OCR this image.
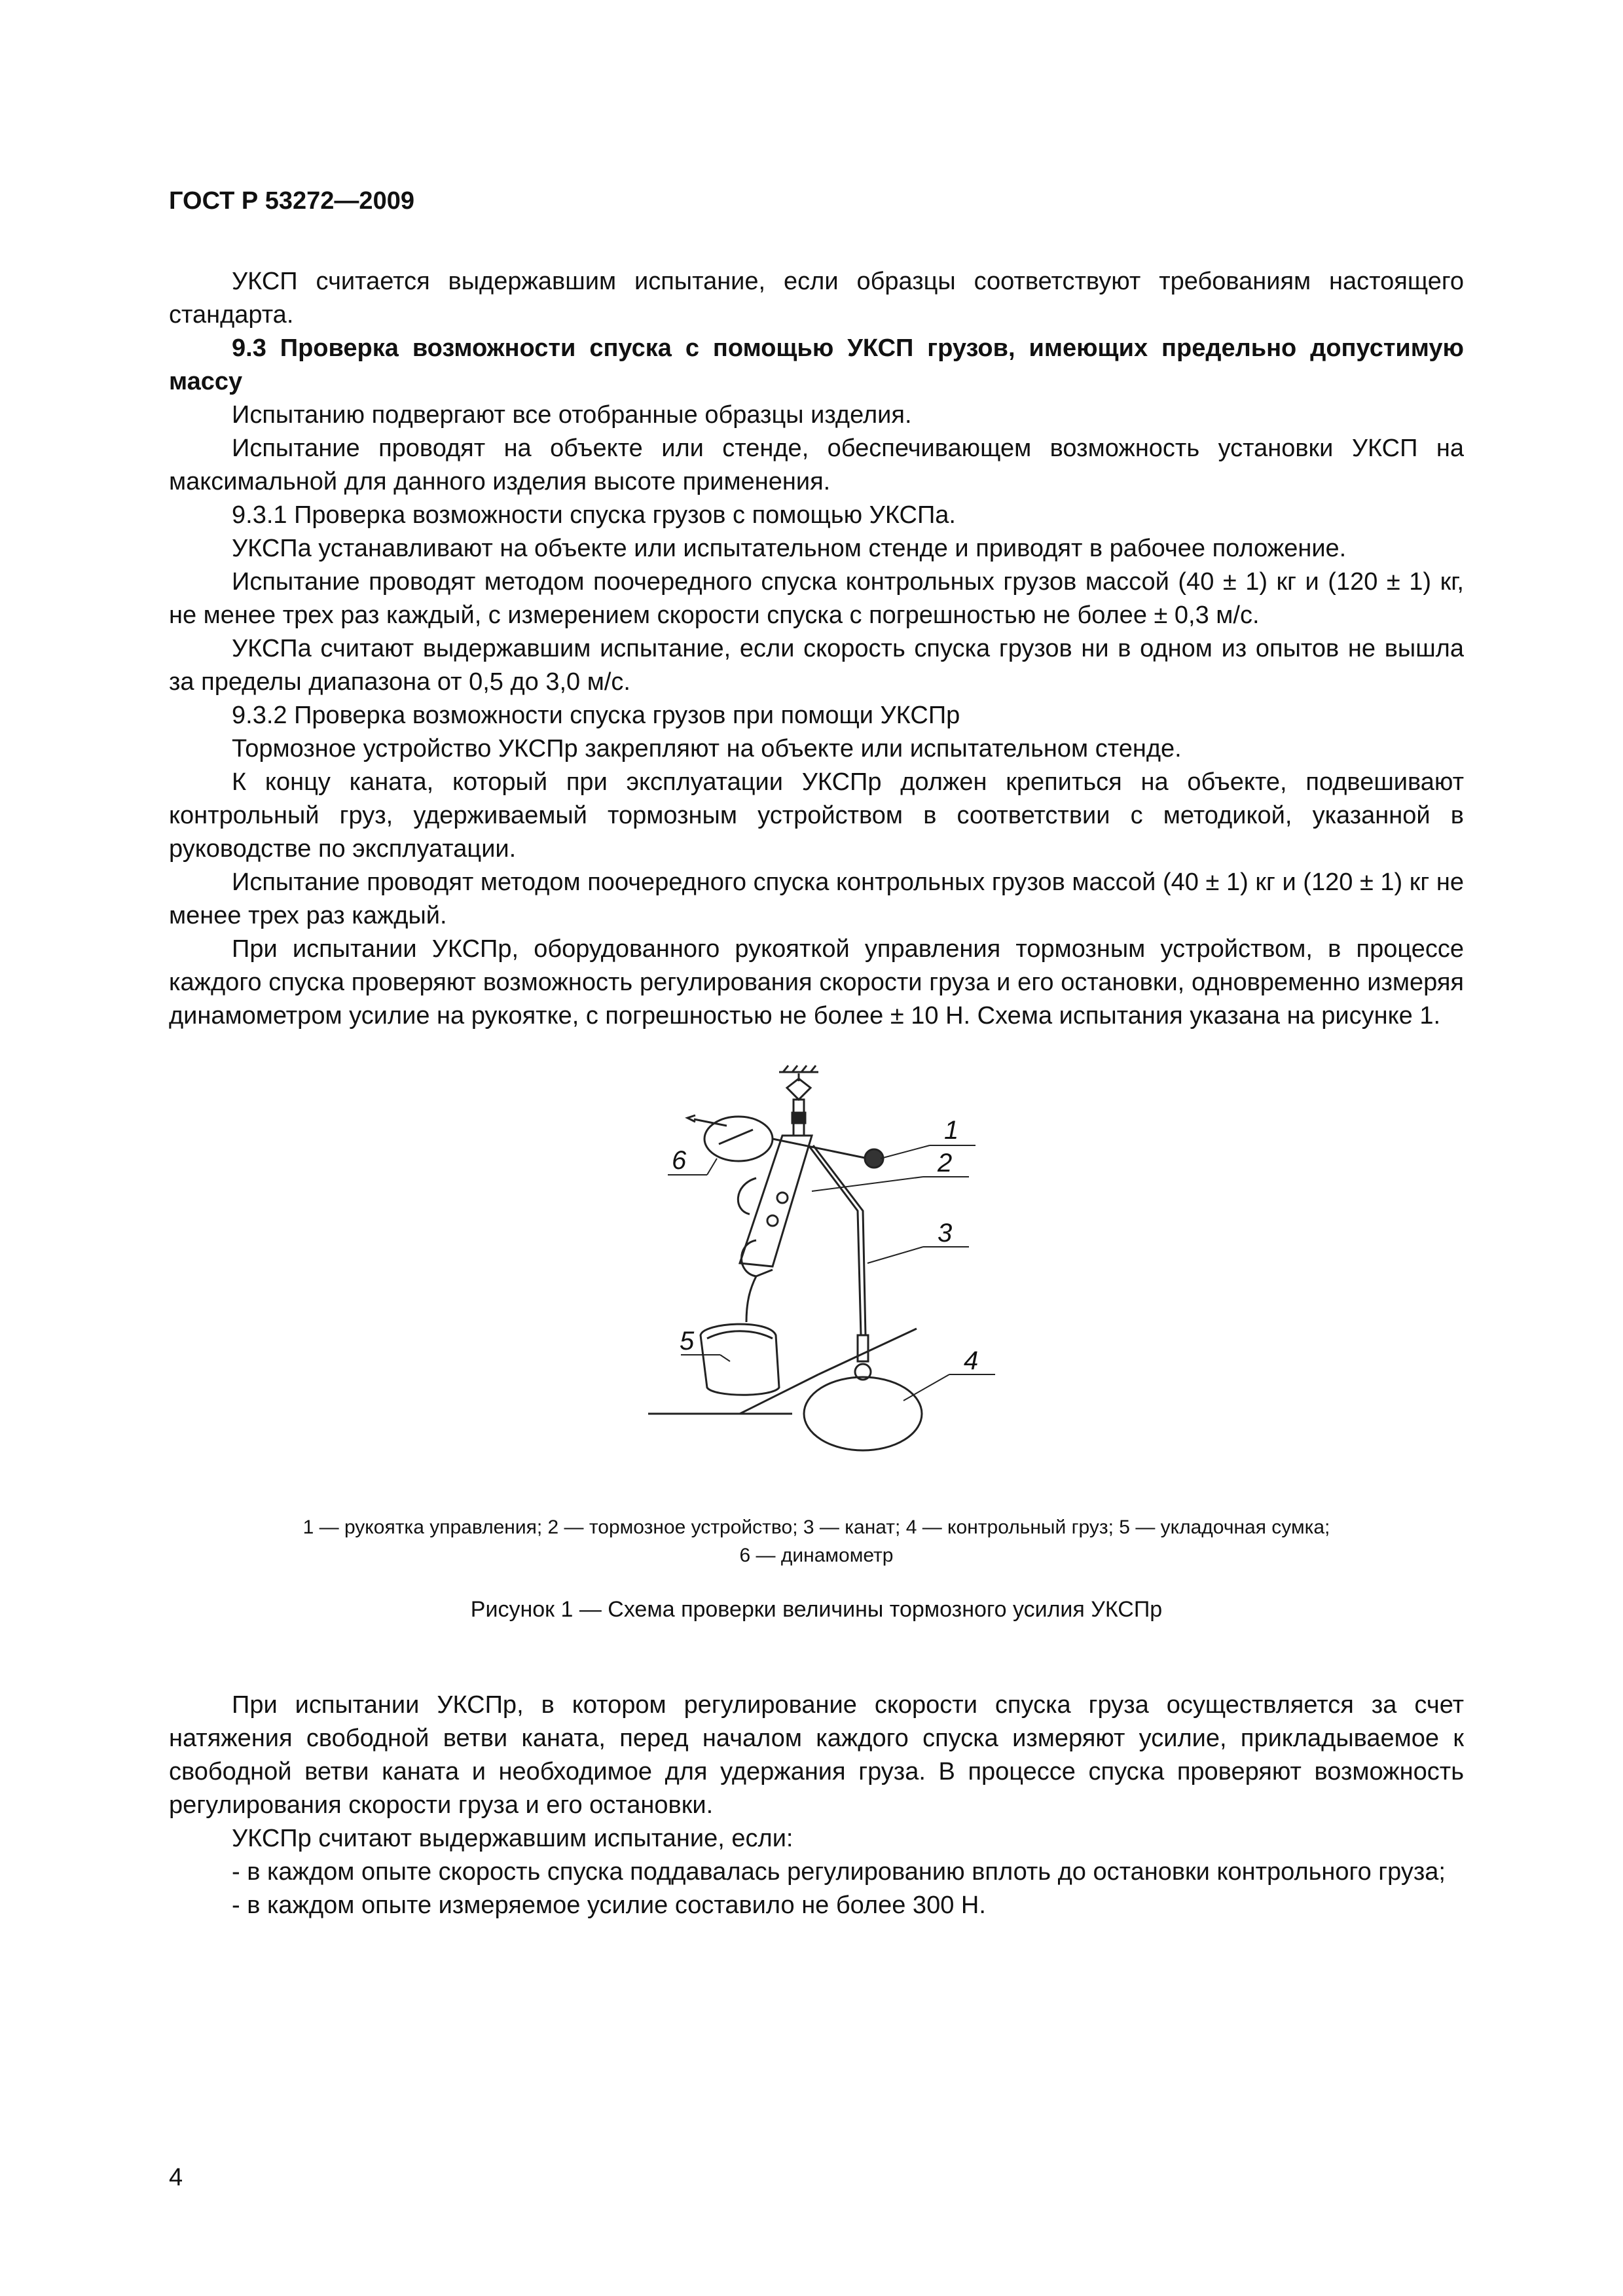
ГОСТ Р 53272—2009

УКСП считается выдержавшим испытание, если образцы соответствуют требованиям настоящего стандарта.

9.3 Проверка возможности спуска с помощью УКСП грузов, имеющих предельно допустимую массу

Испытанию подвергают все отобранные образцы изделия.

Испытание проводят на объекте или стенде, обеспечивающем возможность установки УКСП на максимальной для данного изделия высоте применения.

9.3.1 Проверка возможности спуска грузов с помощью УКСПа.

УКСПа устанавливают на объекте или испытательном стенде и приводят в рабочее положение.

Испытание проводят методом поочередного спуска контрольных грузов массой (40 ± 1) кг и (120 ± 1) кг, не менее трех раз каждый, с измерением скорости спуска с погрешностью не более ± 0,3 м/с.

УКСПа считают выдержавшим испытание, если скорость спуска грузов ни в одном из опытов не вышла за пределы диапазона от 0,5 до 3,0 м/с.

9.3.2 Проверка возможности спуска грузов при помощи УКСПр

Тормозное устройство УКСПр закрепляют на объекте или испытательном стенде.

К концу каната, который при эксплуатации УКСПр должен крепиться на объекте, подвешивают контрольный груз, удерживаемый тормозным устройством в соответствии с методикой, указанной в руководстве по эксплуатации.

Испытание проводят методом поочередного спуска контрольных грузов массой (40 ± 1) кг и (120 ± 1) кг не менее трех раз каждый.

При испытании УКСПр, оборудованного рукояткой управления тормозным устройством, в процессе каждого спуска проверяют возможность регулирования скорости груза и его остановки, одновременно измеряя динамометром усилие на рукоятке, с погрешностью не более ± 10 Н. Схема испытания указана на рисунке 1.

1
2
3
4
5
6
1 — рукоятка управления; 2 — тормозное устройство; 3 — канат; 4 — контрольный груз; 5 — укладочная сумка;
6 — динамометр
Рисунок 1 — Схема проверки величины тормозного усилия УКСПр

При испытании УКСПр, в котором регулирование скорости спуска груза осуществляется за счет натяжения свободной ветви каната, перед началом каждого спуска измеряют усилие, прикладываемое к свободной ветви каната и необходимое для удержания груза. В процессе спуска проверяют возможность регулирования скорости груза и его остановки.

УКСПр считают выдержавшим испытание, если:

- в каждом опыте скорость спуска поддавалась регулированию вплоть до остановки контрольного груза;

- в каждом опыте измеряемое усилие составило не более 300 Н.

4
